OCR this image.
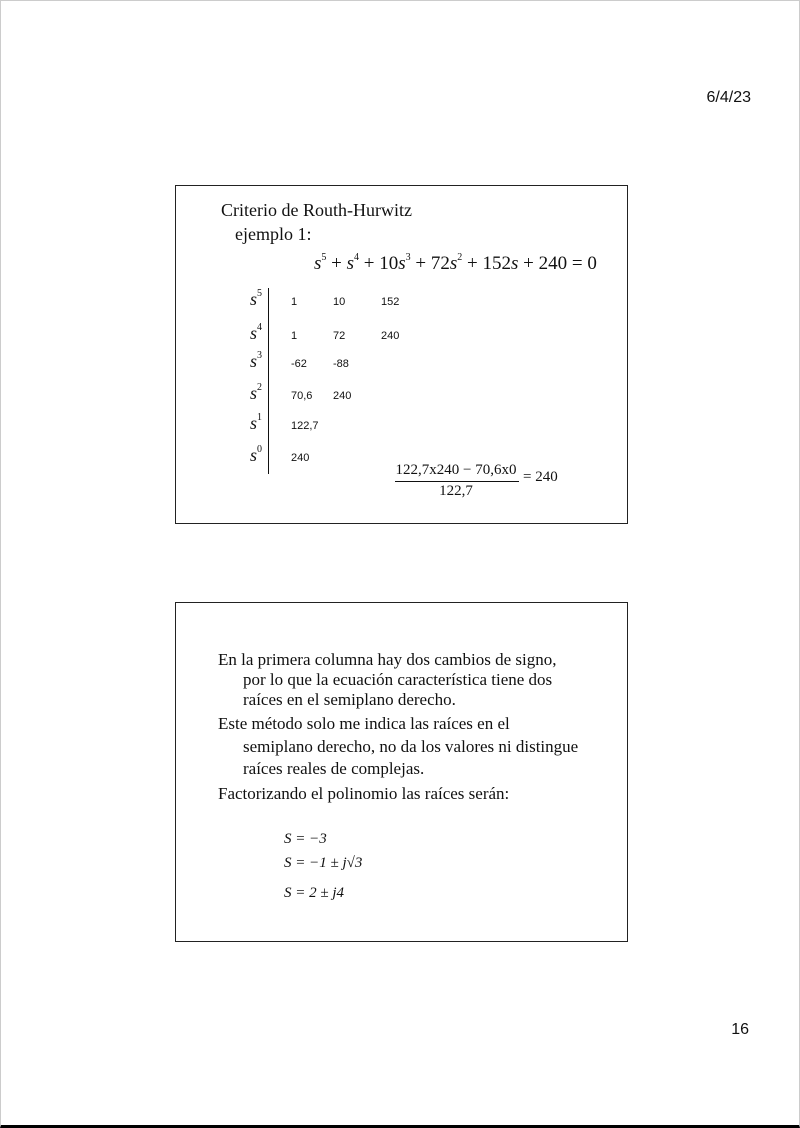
6/4/23
Criterio de Routh-Hurwitz
ejemplo 1:
$s^5 + s^4 + 10s^3 + 72s^2 + 152s + 240 = 0$
$s^5$
1	10	152
$s^4$
1	72	240
$s^3$
-62 -88
$s^2$
70,6 240
$s^1$
122,7
$s^0$
240
122,7x240 − 70,6x0
122,7
= 240
En la primera columna hay dos cambios de signo,
por lo que la ecuación característica tiene dos
raíces en el semiplano derecho.
Este método solo me indica las raíces en el
semiplano derecho, no da los valores ni distingue
raíces reales de complejas.
Factorizando el polinomio las raíces serán:
S = −3
S = −1 ± j√3
S = 2 ± j4
16
